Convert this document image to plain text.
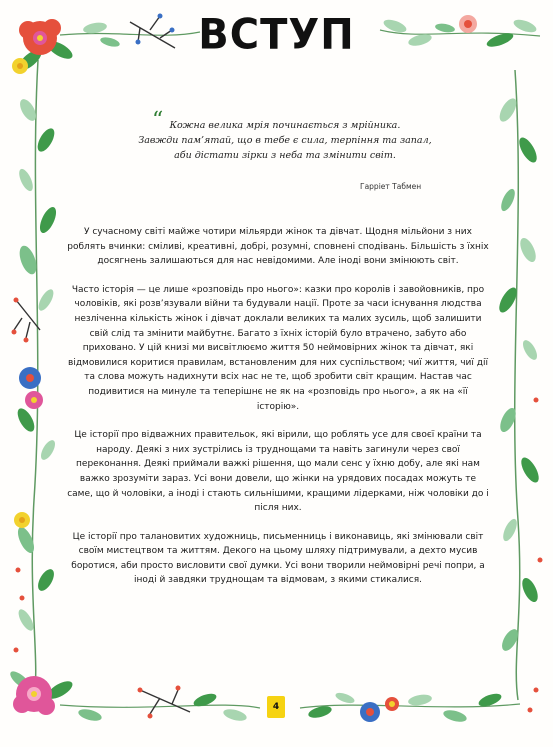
ВСТУП
“ Кожна велика мрія починається з мрійника.
Завжди пам’ятай, що в тебе є сила, терпіння та запал,
аби дістати зірки з неба та змінити світ.
Гарріет Табмен

У сучасному світі майже чотири мільярди жінок та дівчат. Щодня мільйони з них роблять вчинки: сміливі, креативні, добрі, розумні, сповнені сподівань. Більшість з їхніх досягнень залишаються для нас невідомими. Але іноді вони змінюють світ.

Часто історія — це лише «розповідь про нього»: казки про королів і завойовників, про чоловіків, які розв’язували війни та будували нації. Проте за часи існування людства незліченна кількість жінок і дівчат доклали великих та малих зусиль, щоб залишити свій слід та змінити майбутнє. Багато з їхніх історій було втрачено, забуто або приховано. У цій книзі ми висвітлюємо життя 50 неймовірних жінок та дівчат, які відмовилися коритися правилам, встановленим для них суспільством; чиї життя, чиї дії та слова можуть надихнути всіх нас не те, щоб зробити світ кращим. Настав час подивитися на минуле та теперішнє не як на «розповідь про нього», а як на «її історію».

Це історії про відважних правительок, які вірили, що роблять усе для своєї країни та народу. Деякі з них зустрілись із труднощами та навіть загинули через свої переконання. Деякі приймали важкі рішення, що мали сенс у їхню добу, але які нам важко зрозуміти зараз. Усі вони довели, що жінки на урядових посадах можуть те саме, що й чоловіки, а іноді і стають сильнішими, кращими лідерками, ніж чоловіки до і після них.

Це історії про талановитих художниць, письменниць і виконавиць, які змінювали світ своїм мистецтвом та життям. Декого на цьому шляху підтримували, а дехто мусив боротися, аби просто висловити свої думки. Усі вони творили неймовірні речі попри, а іноді й завдяки труднощам та відмовам, з якими стикалися.

4
